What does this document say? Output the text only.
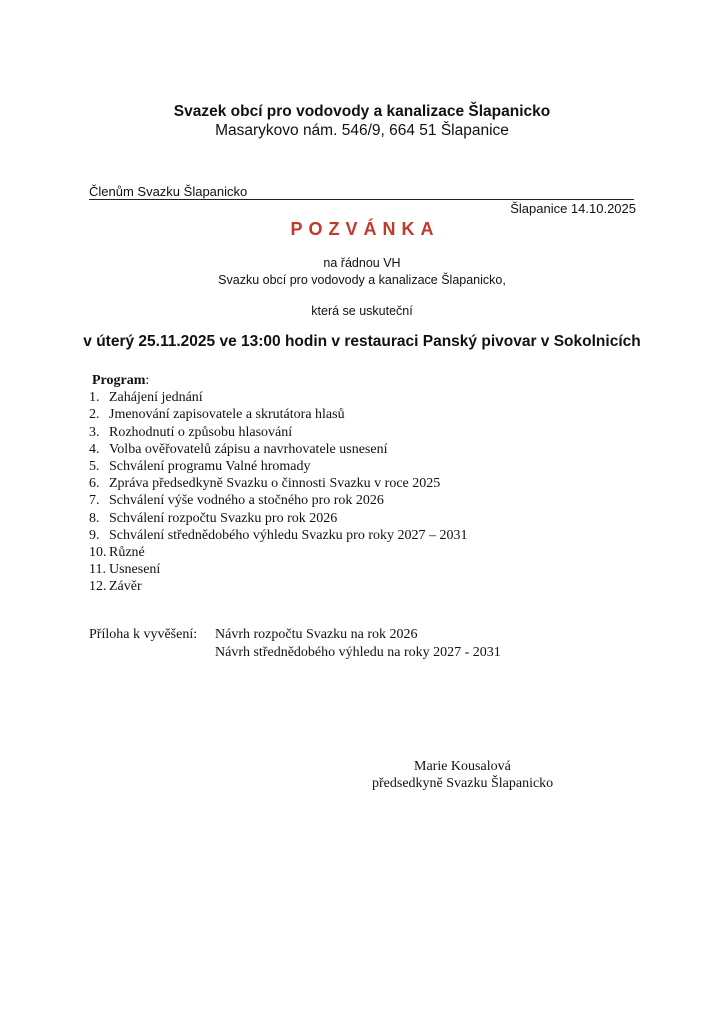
Svazek obcí pro vodovody a kanalizace Šlapanicko
Masarykovo nám. 546/9, 664 51 Šlapanice
Členům Svazku Šlapanicko
Šlapanice 14.10.2025
POZVÁNKA
na řádnou VH
Svazku obcí pro vodovody a kanalizace Šlapanicko,
která se uskuteční
v úterý 25.11.2025 ve 13:00 hodin v restauraci Panský pivovar v Sokolnicích
Program:
1. Zahájení jednání
2. Jmenování zapisovatele a skrutátora hlasů
3. Rozhodnutí o způsobu hlasování
4. Volba ověřovatelů zápisu a navrhovatele usnesení
5. Schválení programu Valné hromady
6. Zpráva předsedkyně Svazku o činnosti Svazku v roce 2025
7. Schválení výše vodného a stočného pro rok 2026
8. Schválení rozpočtu Svazku pro rok 2026
9. Schválení střednědobého výhledu Svazku pro roky 2027 – 2031
10. Různé
11. Usnesení
12. Závěr
Příloha k vyvěšení: Návrh rozpočtu Svazku na rok 2026
Návrh střednědobého výhledu na roky 2027 - 2031
Marie Kousalová
předsedkyně Svazku Šlapanicko
